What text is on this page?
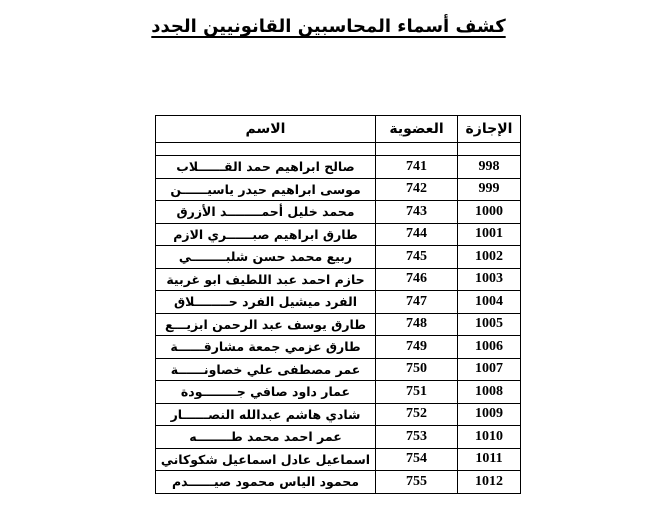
كشف أسماء المحاسبين القانونيين الجدد
الاسم	العضوية	الإجازة

صالح ابراهيم حمد القــــــلاب	741	998
موسى ابراهيم حيدر ياسيــــــن	742	999
محمد خليل أحمــــــــد الأزرق	743	1000
طارق ابراهيم صبــــــري الازم	744	1001
ربيع محمد حسن شلبــــــــي	745	1002
حازم احمد عبد اللطيف ابو غربية	746	1003
الفرد ميشيل الفرد حــــــــلاق	747	1004
طارق يوسف عبد الرحمن ابزيـــع	748	1005
طارق عزمي جمعة مشارقــــــة	749	1006
عمر مصطفى علي خصاونــــــة	750	1007
عمار داود صافي جــــــــودة	751	1008
شادي هاشم عبدالله النصــــــار	752	1009
عمر احمد محمد طــــــــه	753	1010
اسماعيل عادل اسماعيل شكوكاني	754	1011
محمود الياس محمود صيــــــدم	755	1012
